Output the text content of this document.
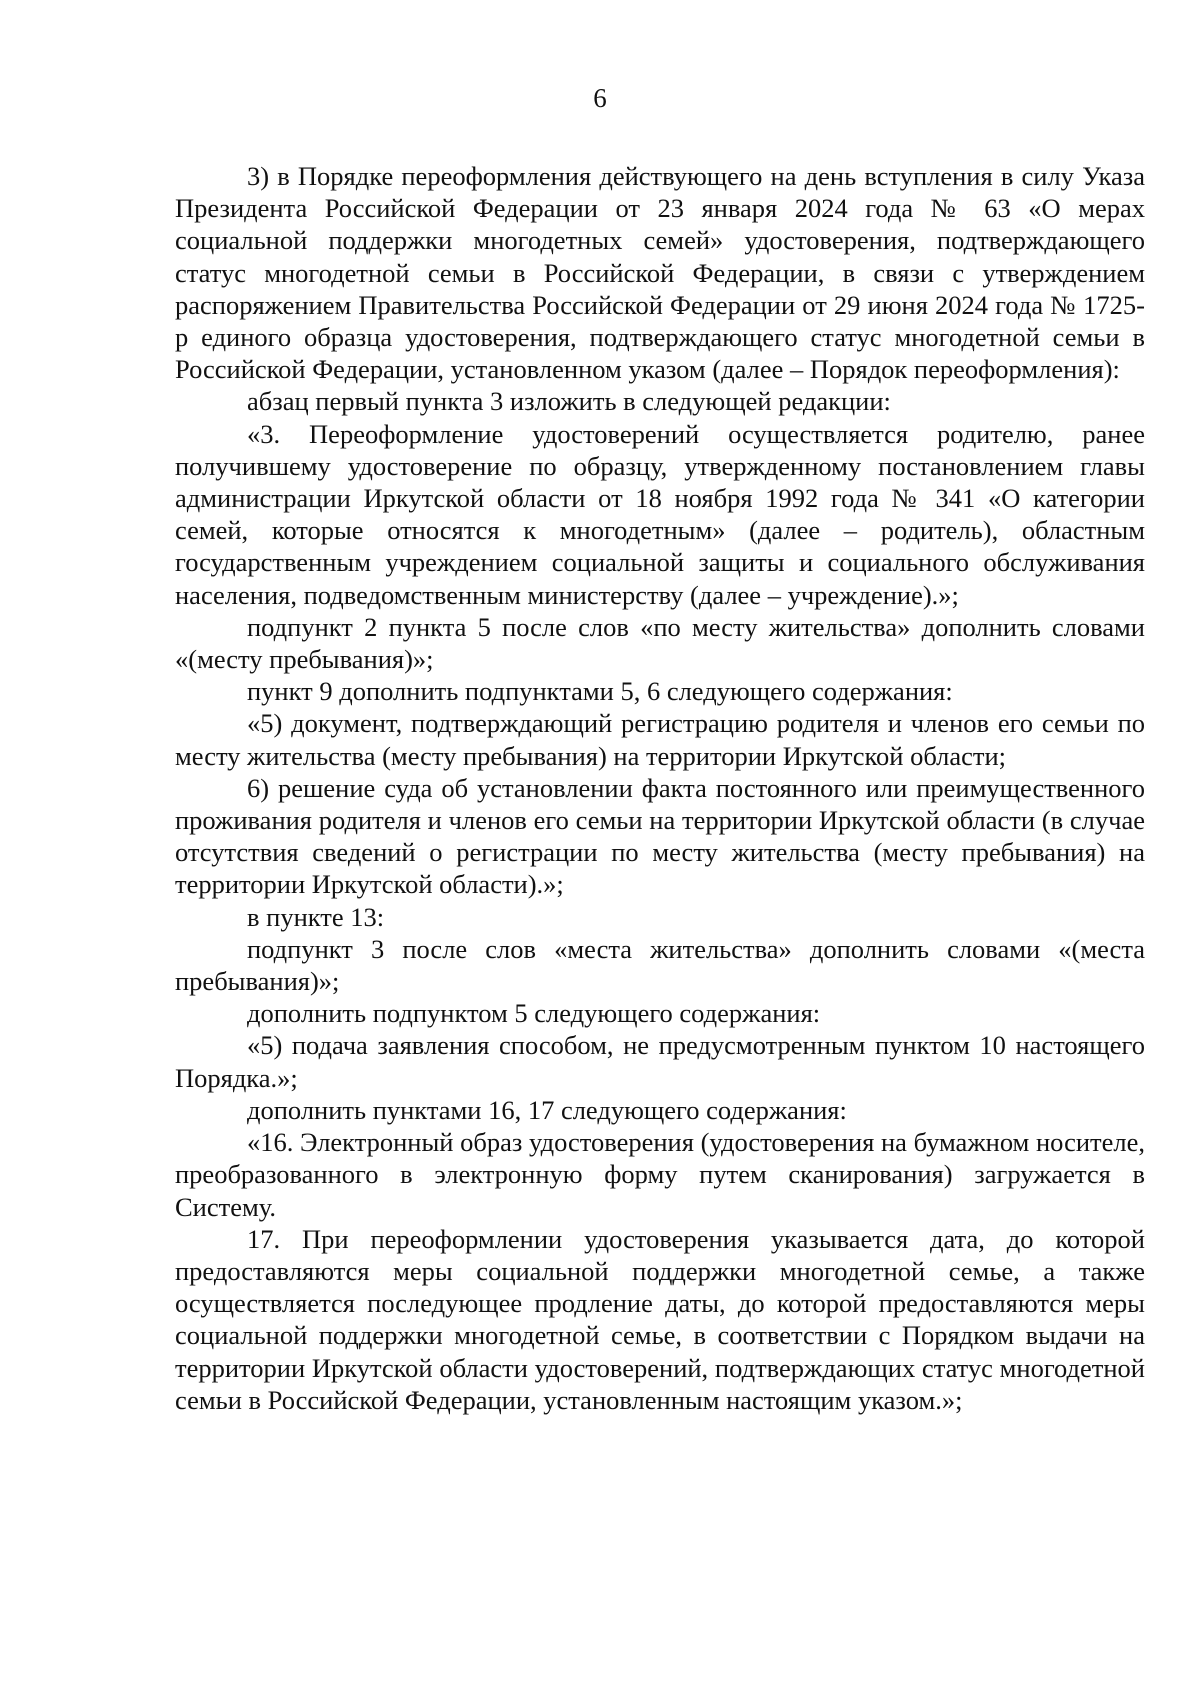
6

3) в Порядке переоформления действующего на день вступления в силу Указа Президента Российской Федерации от 23 января 2024 года № 63 «О мерах социальной поддержки многодетных семей» удостоверения, подтверждающего статус многодетной семьи в Российской Федерации, в связи с утверждением распоряжением Правительства Российской Федерации от 29 июня 2024 года № 1725-р единого образца удостоверения, подтверждающего статус многодетной семьи в Российской Федерации, установленном указом (далее – Порядок переоформления):

абзац первый пункта 3 изложить в следующей редакции:

«3. Переоформление удостоверений осуществляется родителю, ранее получившему удостоверение по образцу, утвержденному постановлением главы администрации Иркутской области от 18 ноября 1992 года № 341 «О категории семей, которые относятся к многодетным» (далее – родитель), областным государственным учреждением социальной защиты и социального обслуживания населения, подведомственным министерству (далее – учреждение).»;

подпункт 2 пункта 5 после слов «по месту жительства» дополнить словами «(месту пребывания)»;

пункт 9 дополнить подпунктами 5, 6 следующего содержания:

«5) документ, подтверждающий регистрацию родителя и членов его семьи по месту жительства (месту пребывания) на территории Иркутской области;

6) решение суда об установлении факта постоянного или преимущественного проживания родителя и членов его семьи на территории Иркутской области (в случае отсутствия сведений о регистрации по месту жительства (месту пребывания) на территории Иркутской области).»;

в пункте 13:

подпункт 3 после слов «места жительства» дополнить словами «(места пребывания)»;

дополнить подпунктом 5 следующего содержания:

«5) подача заявления способом, не предусмотренным пунктом 10 настоящего Порядка.»;

дополнить пунктами 16, 17 следующего содержания:

«16. Электронный образ удостоверения (удостоверения на бумажном носителе, преобразованного в электронную форму путем сканирования) загружается в Систему.

17. При переоформлении удостоверения указывается дата, до которой предоставляются меры социальной поддержки многодетной семье, а также осуществляется последующее продление даты, до которой предоставляются меры социальной поддержки многодетной семье, в соответствии с Порядком выдачи на территории Иркутской области удостоверений, подтверждающих статус многодетной семьи в Российской Федерации, установленным настоящим указом.»;
